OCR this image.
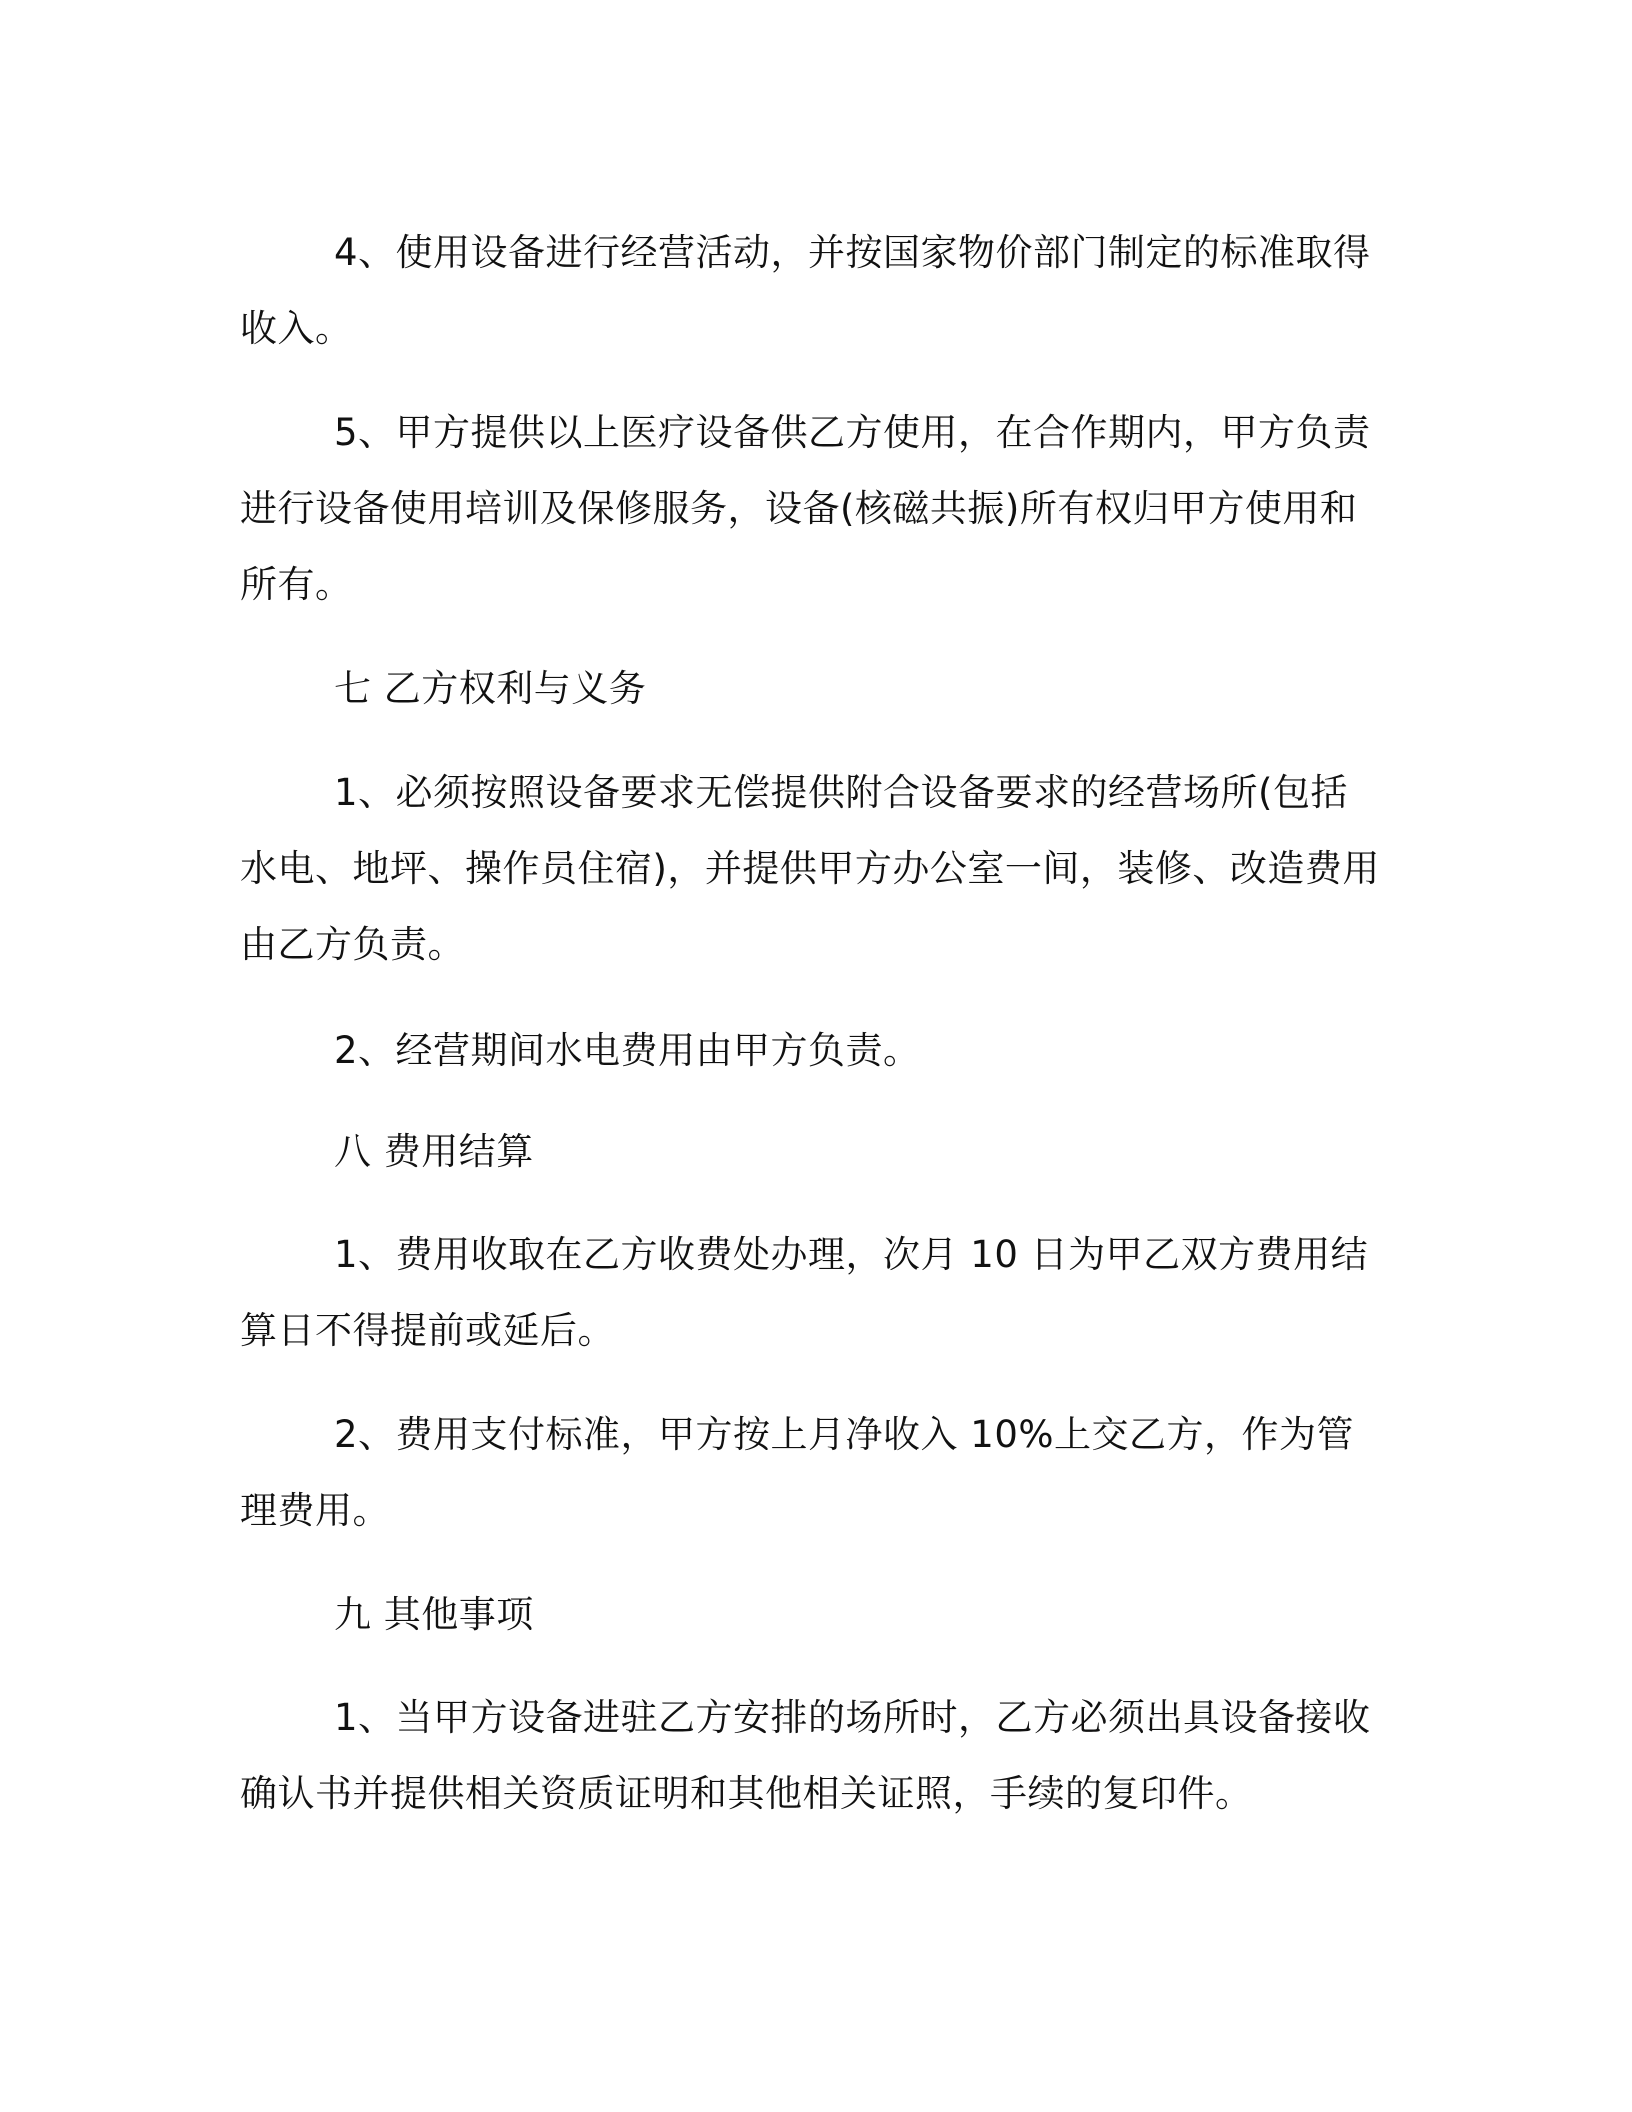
4、使用设备进行经营活动，并按国家物价部门制定的标准取得收入。

5、甲方提供以上医疗设备供乙方使用，在合作期内，甲方负责进行设备使用培训及保修服务，设备(核磁共振)所有权归甲方使用和所有。

七 乙方权利与义务

1、必须按照设备要求无偿提供附合设备要求的经营场所(包括水电、地坪、操作员住宿)，并提供甲方办公室一间，装修、改造费用由乙方负责。

2、经营期间水电费用由甲方负责。

八 费用结算

1、费用收取在乙方收费处办理，次月 10 日为甲乙双方费用结算日不得提前或延后。

2、费用支付标准，甲方按上月净收入 10%上交乙方，作为管理费用。

九 其他事项

1、当甲方设备进驻乙方安排的场所时，乙方必须出具设备接收确认书并提供相关资质证明和其他相关证照，手续的复印件。
